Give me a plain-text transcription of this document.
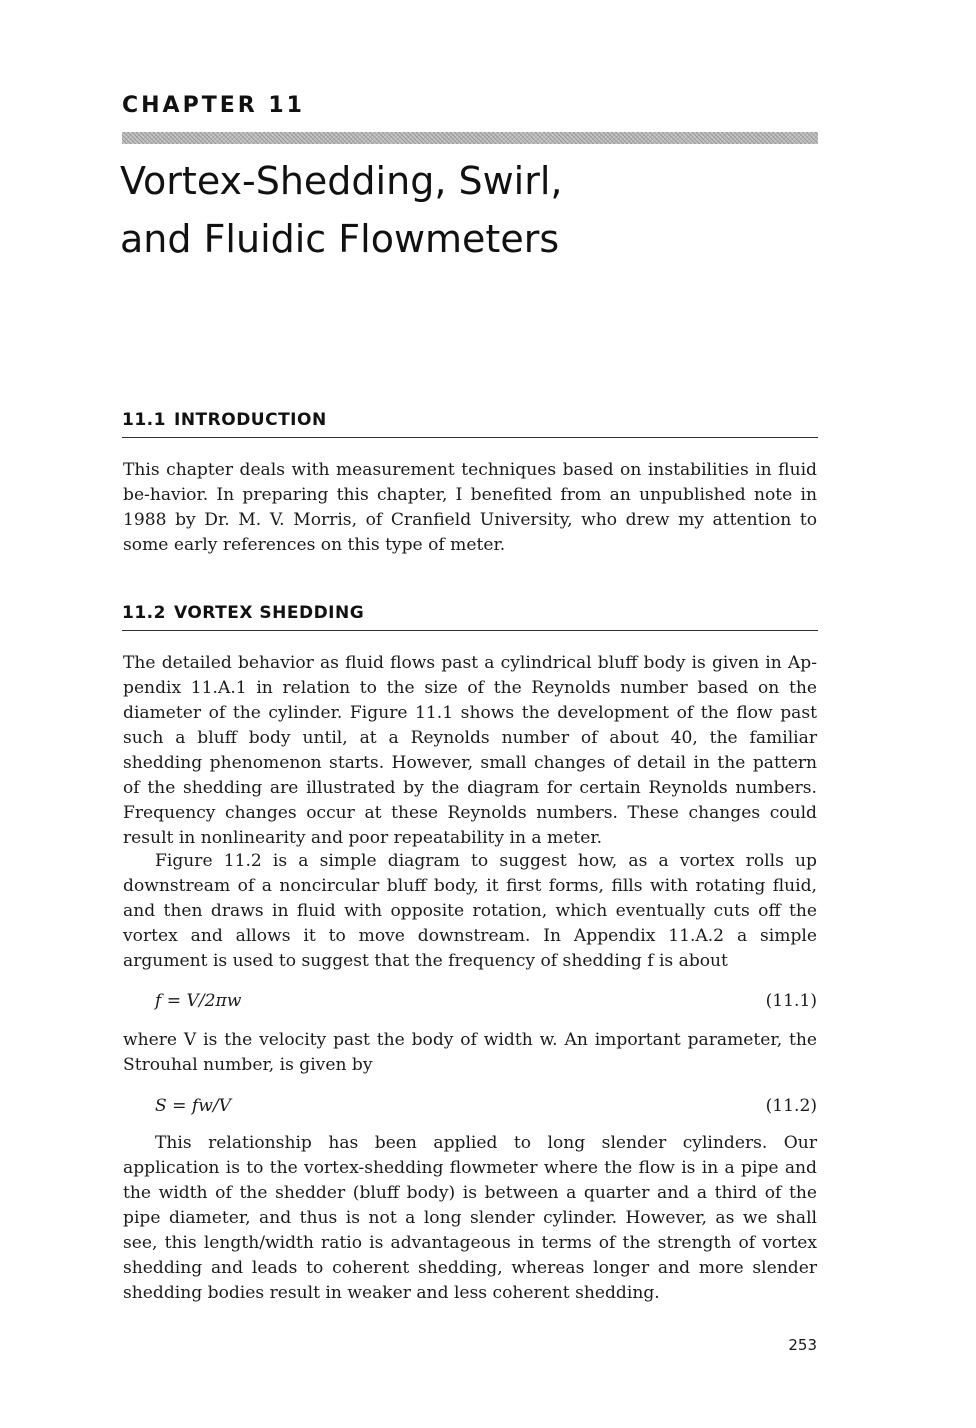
CHAPTER 11
Vortex-Shedding, Swirl,
and Fluidic Flowmeters
11.1 INTRODUCTION

This chapter deals with measurement techniques based on instabilities in fluid be-havior. In preparing this chapter, I benefited from an unpublished note in 1988 by Dr. M. V. Morris, of Cranfield University, who drew my attention to some early references on this type of meter.

11.2 VORTEX SHEDDING

The detailed behavior as fluid flows past a cylindrical bluff body is given in Ap-pendix 11.A.1 in relation to the size of the Reynolds number based on the diameter of the cylinder. Figure 11.1 shows the development of the flow past such a bluff body until, at a Reynolds number of about 40, the familiar shedding phenomenon starts. However, small changes of detail in the pattern of the shedding are illustrated by the diagram for certain Reynolds numbers. Frequency changes occur at these Reynolds numbers. These changes could result in nonlinearity and poor repeatability in a meter.

Figure 11.2 is a simple diagram to suggest how, as a vortex rolls up downstream of a noncircular bluff body, it first forms, fills with rotating fluid, and then draws in fluid with opposite rotation, which eventually cuts off the vortex and allows it to move downstream. In Appendix 11.A.2 a simple argument is used to suggest that the frequency of shedding f is about

f = V/2πw	(11.1)

where V is the velocity past the body of width w. An important parameter, the Strouhal number, is given by

S = fw/V	(11.2)

This relationship has been applied to long slender cylinders. Our application is to the vortex-shedding flowmeter where the flow is in a pipe and the width of the shedder (bluff body) is between a quarter and a third of the pipe diameter, and thus is not a long slender cylinder. However, as we shall see, this length/width ratio is advantageous in terms of the strength of vortex shedding and leads to coherent shedding, whereas longer and more slender shedding bodies result in weaker and less coherent shedding.

253
